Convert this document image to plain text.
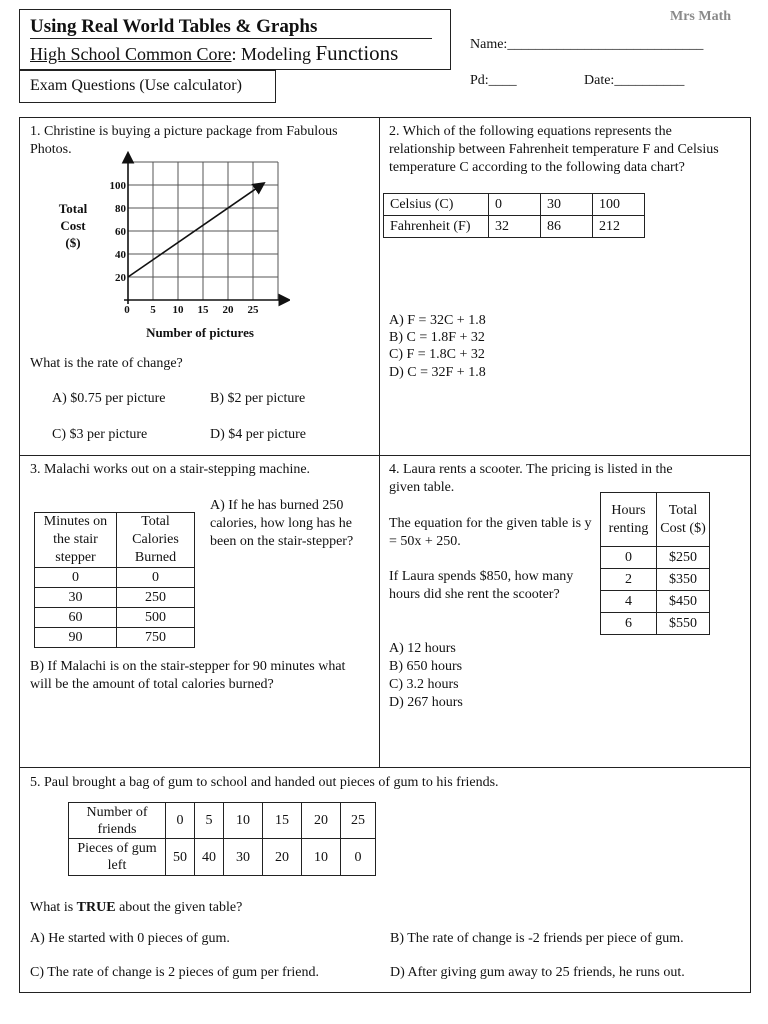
Using Real World Tables & Graphs
High School Common Core: Modeling Functions
Exam Questions (Use calculator)
Mrs Math
Name:____________________________
Pd:____	Date:__________
1. Christine is buying a picture package from Fabulous Photos.
Total
Cost
($)
0 5 10 15 20 25
20
40
60
80
100
Number of pictures
What is the rate of change?
A) $0.75 per picture	B) $2 per picture
C) $3 per picture	D) $4 per picture
2. Which of the following equations represents the relationship between Fahrenheit temperature F and Celsius temperature C according to the following data chart?
Celsius (C)	0	30	100
Fahrenheit (F)	32	86	212
A) F = 32C + 1.8
B) C = 1.8F + 32
C) F = 1.8C + 32
D) C = 32F + 1.8
3. Malachi works out on a stair-stepping machine.
Minutes on the stair stepper	Total Calories Burned
0	0
30	250
60	500
90	750
A) If he has burned 250 calories, how long has he been on the stair-stepper?
B) If Malachi is on the stair-stepper for 90 minutes what will be the amount of total calories burned?
4. Laura rents a scooter. The pricing is listed in the given table.
The equation for the given table is y = 50x + 250.
If Laura spends $850, how many hours did she rent the scooter?
Hours renting	Total Cost ($)
0	$250
2	$350
4	$450
6	$550
A) 12 hours
B) 650 hours
C) 3.2 hours
D) 267 hours
5. Paul brought a bag of gum to school and handed out pieces of gum to his friends.
Number of friends	0	5	10	15	20	25
Pieces of gum left	50	40	30	20	10	0
What is TRUE about the given table?
A) He started with 0 pieces of gum.	B) The rate of change is -2 friends per piece of gum.
C) The rate of change is 2 pieces of gum per friend.	D) After giving gum away to 25 friends, he runs out.
